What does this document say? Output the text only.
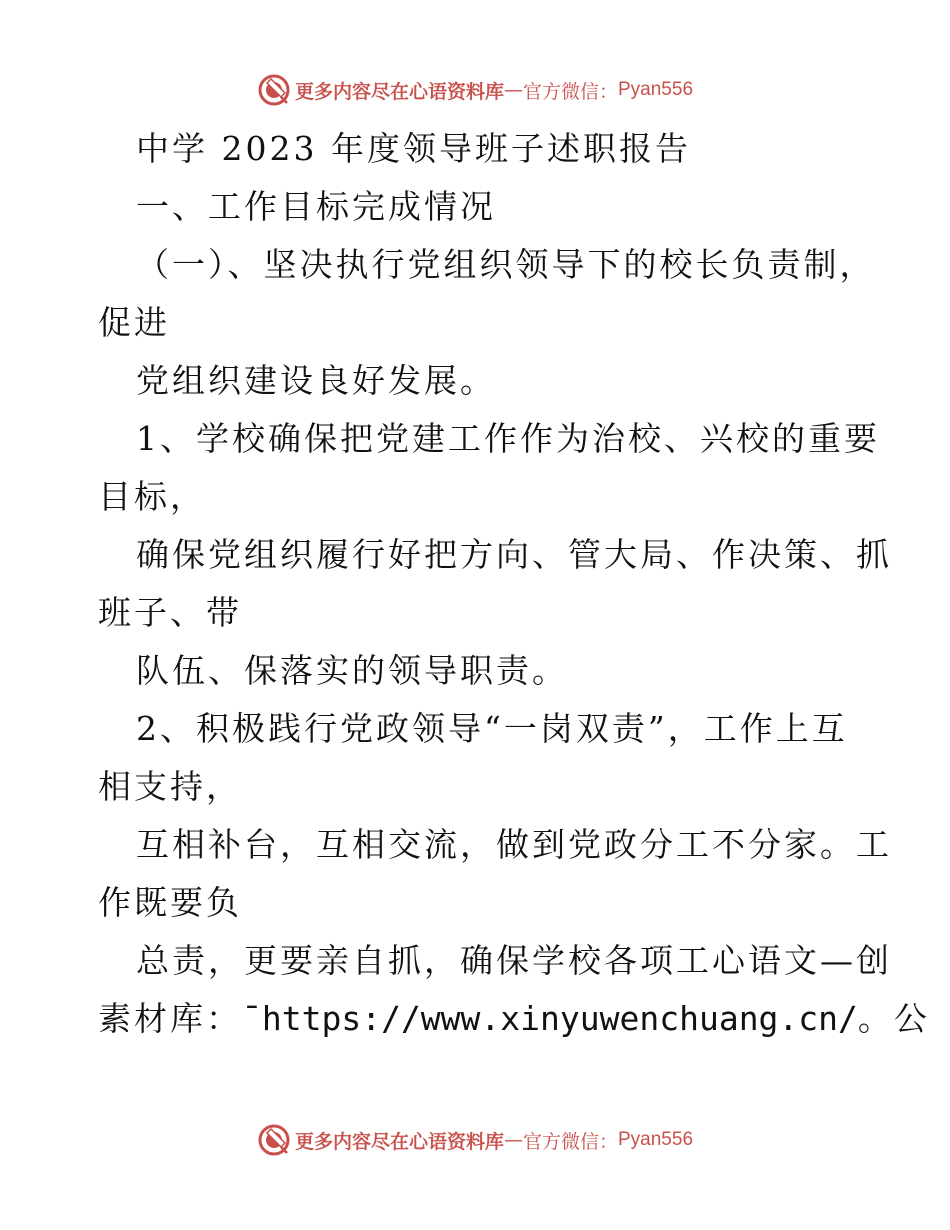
更多内容尽在心语资料库 — 官方微信： Pyan556
中学 2023 年度领导班子述职报告
一、工作目标完成情况
（一）、坚决执行党组织领导下的校长负责制，
促进
党组织建设良好发展。
1、学校确保把党建工作作为治校、兴校的重要
目标，
确保党组织履行好把方向、管大局、作决策、抓
班子、带
队伍、保落实的领导职责。
2、积极践行党政领导“一岗双责”，工作上互
相支持，
互相补台，互相交流，做到党政分工不分家。工
作既要负
总责，更要亲自抓，确保学校各项工心语文—创
素材库：¯https://www.xinyuwenchuang.cn/。公
更多内容尽在心语资料库 — 官方微信： Pyan556
